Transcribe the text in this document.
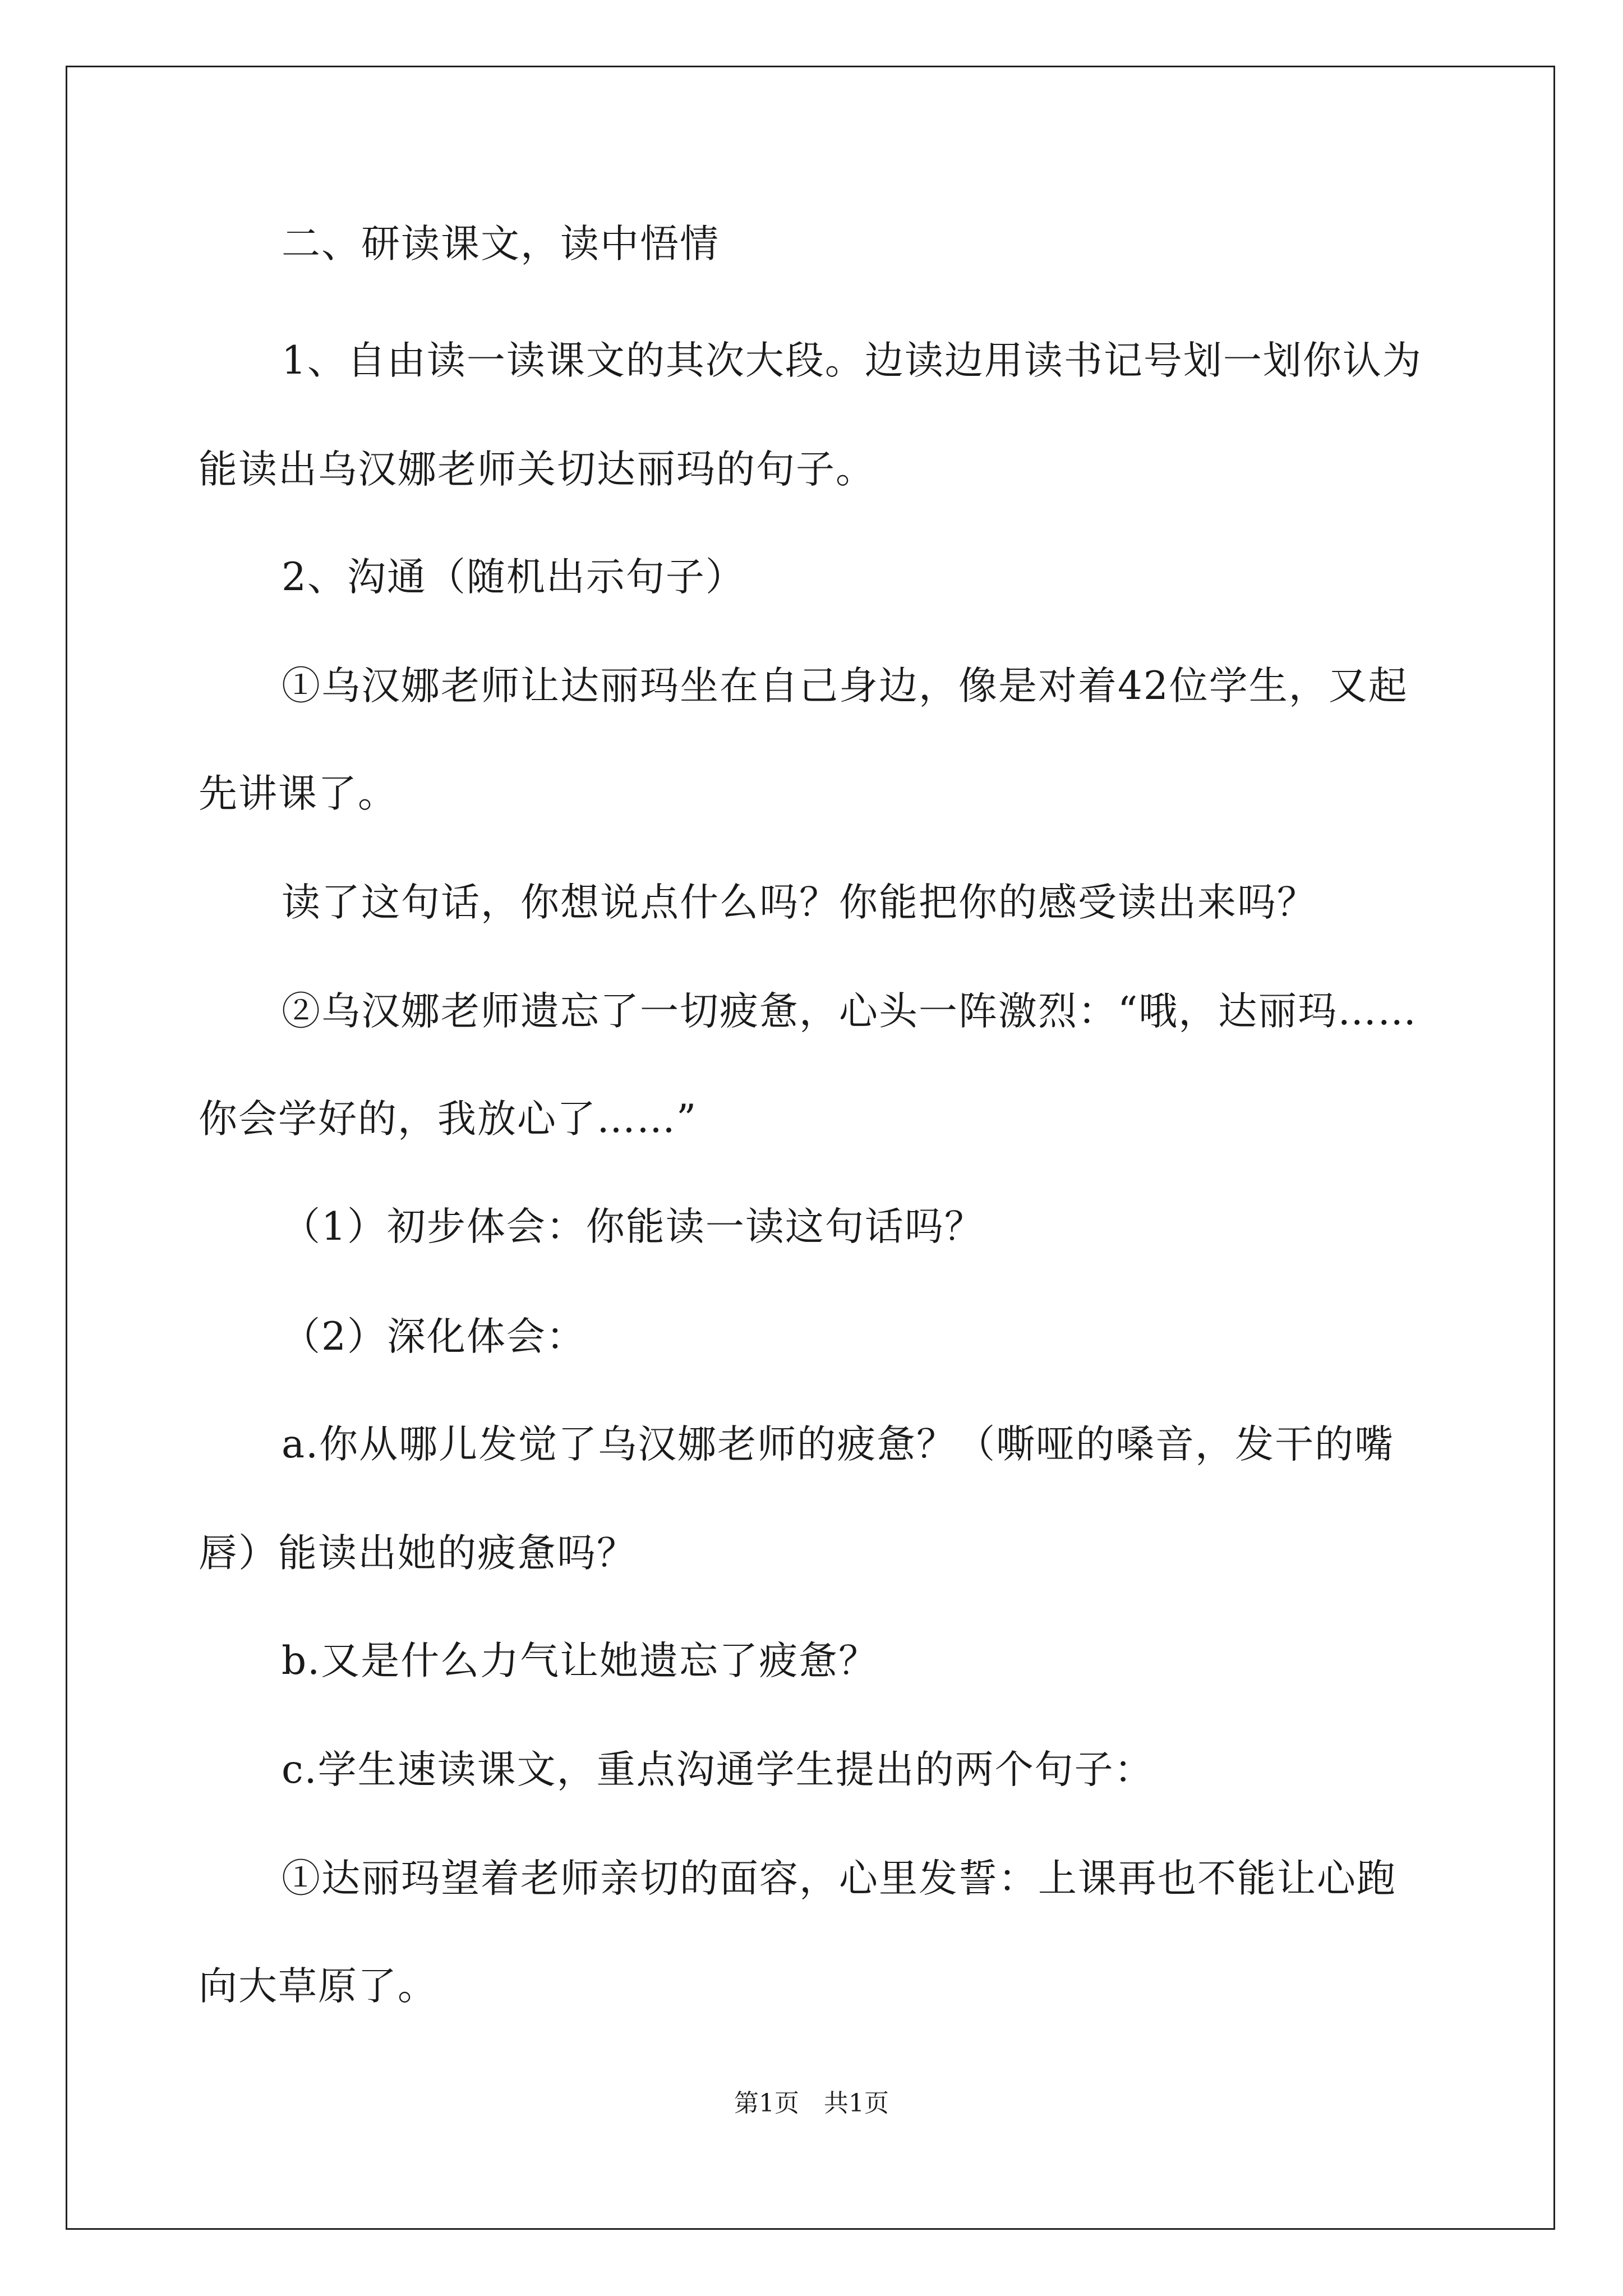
二、研读课文，读中悟情
1、自由读一读课文的其次大段。边读边用读书记号划一划你认为
能读出乌汉娜老师关切达丽玛的句子。
2、沟通（随机出示句子）
①乌汉娜老师让达丽玛坐在自己身边，像是对着42位学生，又起
先讲课了。
读了这句话，你想说点什么吗？你能把你的感受读出来吗？
②乌汉娜老师遗忘了一切疲惫，心头一阵激烈：“哦，达丽玛……
你会学好的，我放心了……”
（1）初步体会：你能读一读这句话吗？
（2）深化体会：
a.你从哪儿发觉了乌汉娜老师的疲惫？（嘶哑的嗓音，发干的嘴
唇）能读出她的疲惫吗？
b.又是什么力气让她遗忘了疲惫？
c.学生速读课文，重点沟通学生提出的两个句子：
①达丽玛望着老师亲切的面容，心里发誓：上课再也不能让心跑
向大草原了。
第1页　共1页
